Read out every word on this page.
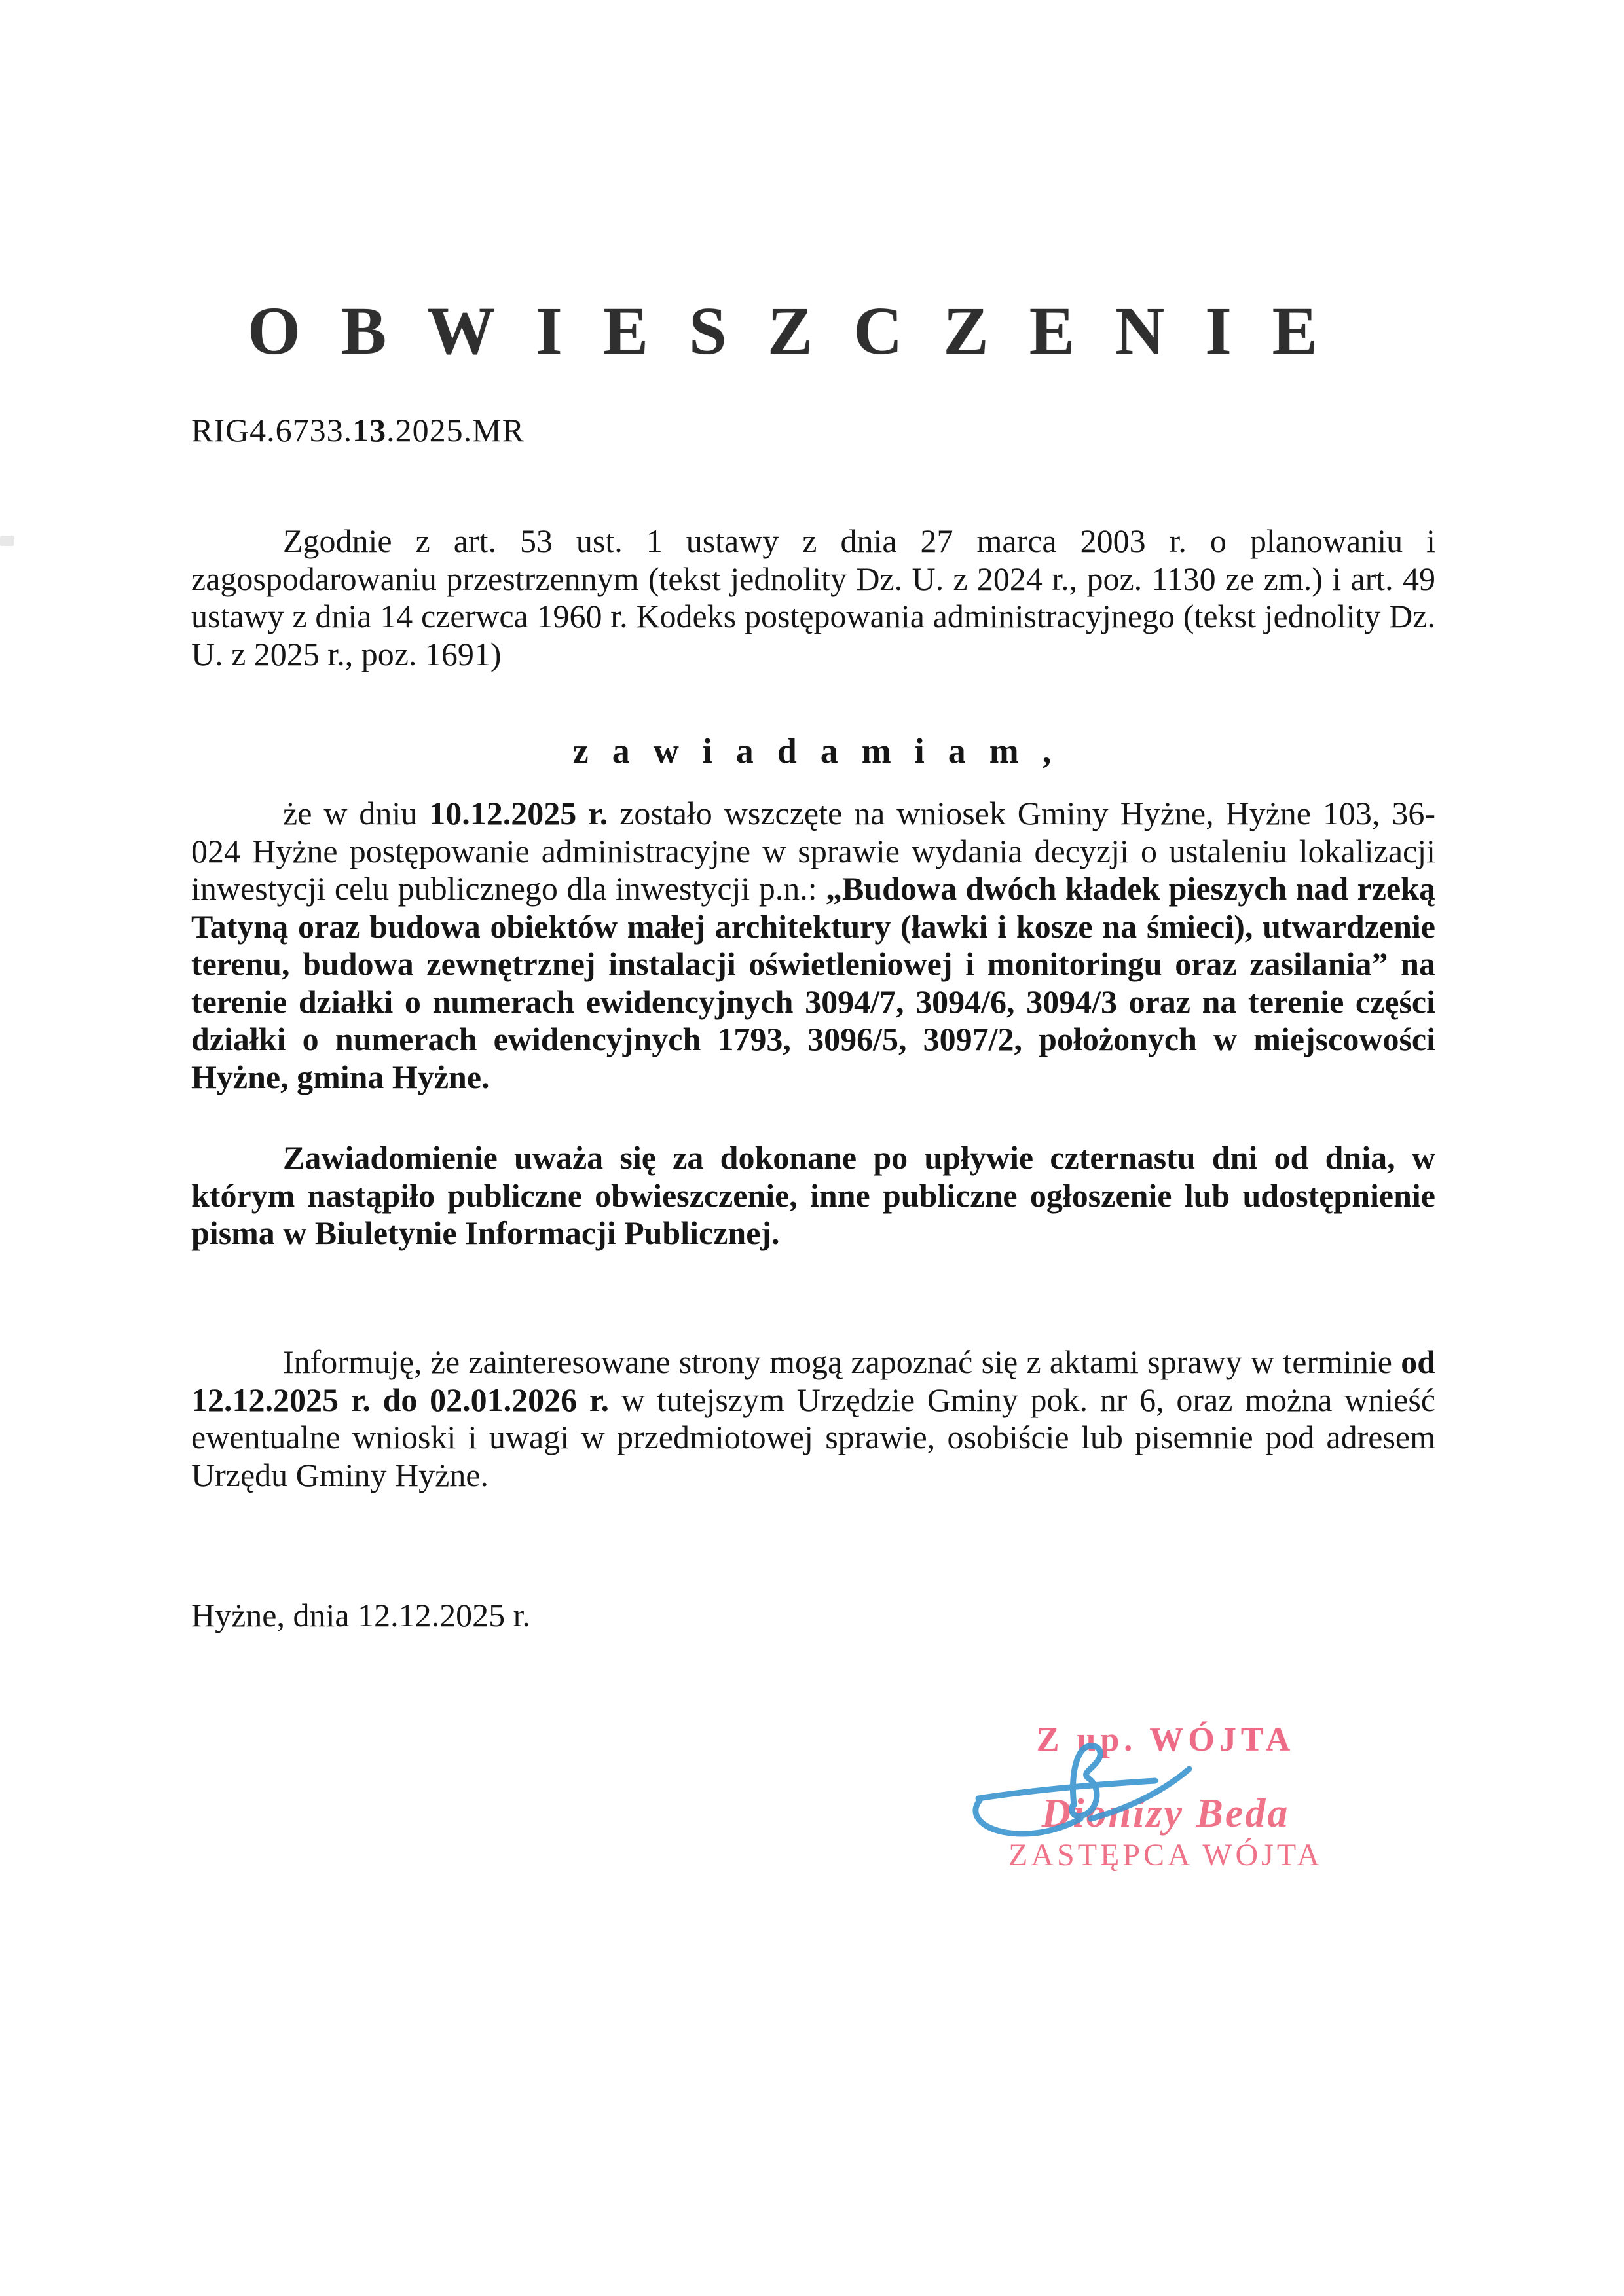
OBWIESZCZENIE
RIG4.6733.13.2025.MR

Zgodnie z art. 53 ust. 1 ustawy z dnia 27 marca 2003 r. o planowaniu i zagospodarowaniu przestrzennym (tekst jednolity Dz. U. z 2024 r., poz. 1130 ze zm.) i art. 49 ustawy z dnia 14 czerwca 1960 r. Kodeks postępowania administracyjnego (tekst jednolity Dz. U. z 2025 r., poz. 1691)

zawiadamiam,

że w dniu 10.12.2025 r. zostało wszczęte na wniosek Gminy Hyżne, Hyżne 103, 36-024 Hyżne postępowanie administracyjne w sprawie wydania decyzji o ustaleniu lokalizacji inwestycji celu publicznego dla inwestycji p.n.: „Budowa dwóch kładek pieszych nad rzeką Tatyną oraz budowa obiektów małej architektury (ławki i kosze na śmieci), utwardzenie terenu, budowa zewnętrznej instalacji oświetleniowej i monitoringu oraz zasilania” na terenie działki o numerach ewidencyjnych 3094/7, 3094/6, 3094/3 oraz na terenie części działki o numerach ewidencyjnych 1793, 3096/5, 3097/2, położonych w miejscowości Hyżne, gmina Hyżne.

Zawiadomienie uważa się za dokonane po upływie czternastu dni od dnia, w którym nastąpiło publiczne obwieszczenie, inne publiczne ogłoszenie lub udostępnienie pisma w Biuletynie Informacji Publicznej.

Informuję, że zainteresowane strony mogą zapoznać się z aktami sprawy w terminie od 12.12.2025 r. do 02.01.2026 r. w tutejszym Urzędzie Gminy pok. nr 6, oraz można wnieść ewentualne wnioski i uwagi w przedmiotowej sprawie, osobiście lub pisemnie pod adresem Urzędu Gminy Hyżne.

Hyżne, dnia 12.12.2025 r.
Z up. WÓJTA
Dionizy Beda
ZASTĘPCA WÓJTA
